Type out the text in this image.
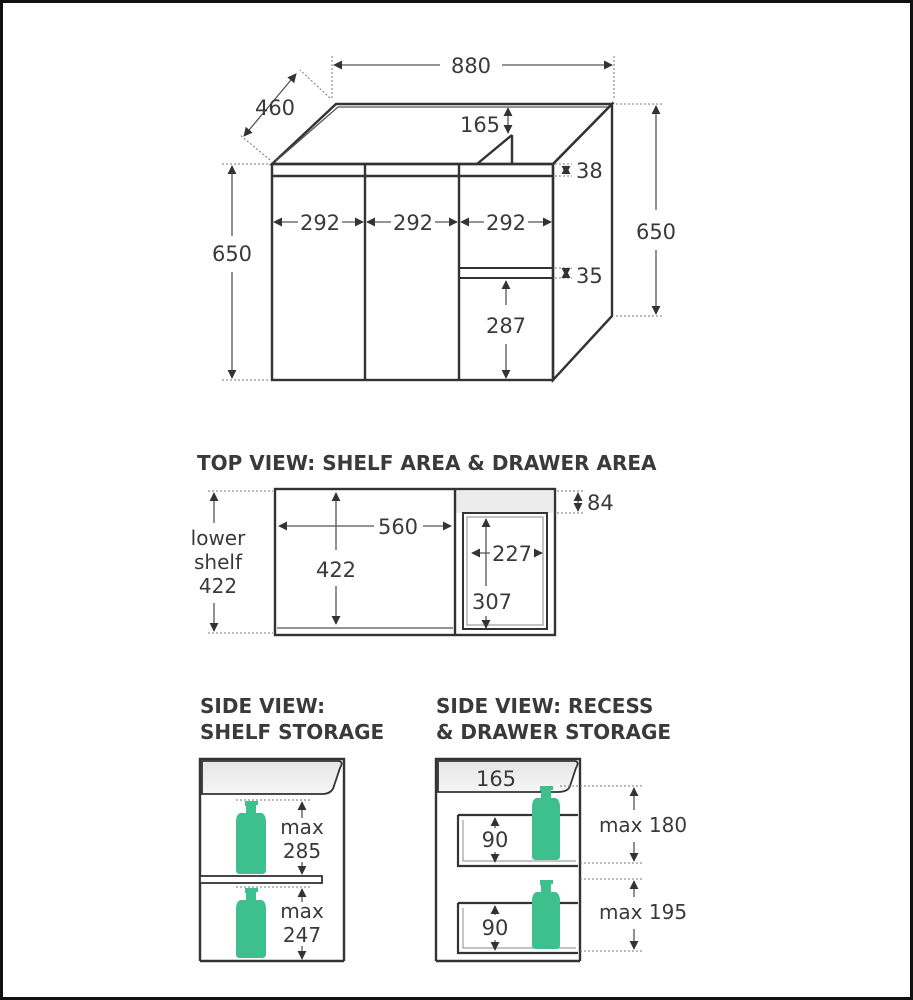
880
460
650
650
165
38
292	292	292
35
287
TOP VIEW: SHELF AREA & DRAWER AREA
lower
shelf
422
560
422
84
227
307
SIDE VIEW:
SHELF STORAGE
max
285
max
247
SIDE VIEW: RECESS
& DRAWER STORAGE
165
90
90
max 180
max 195
